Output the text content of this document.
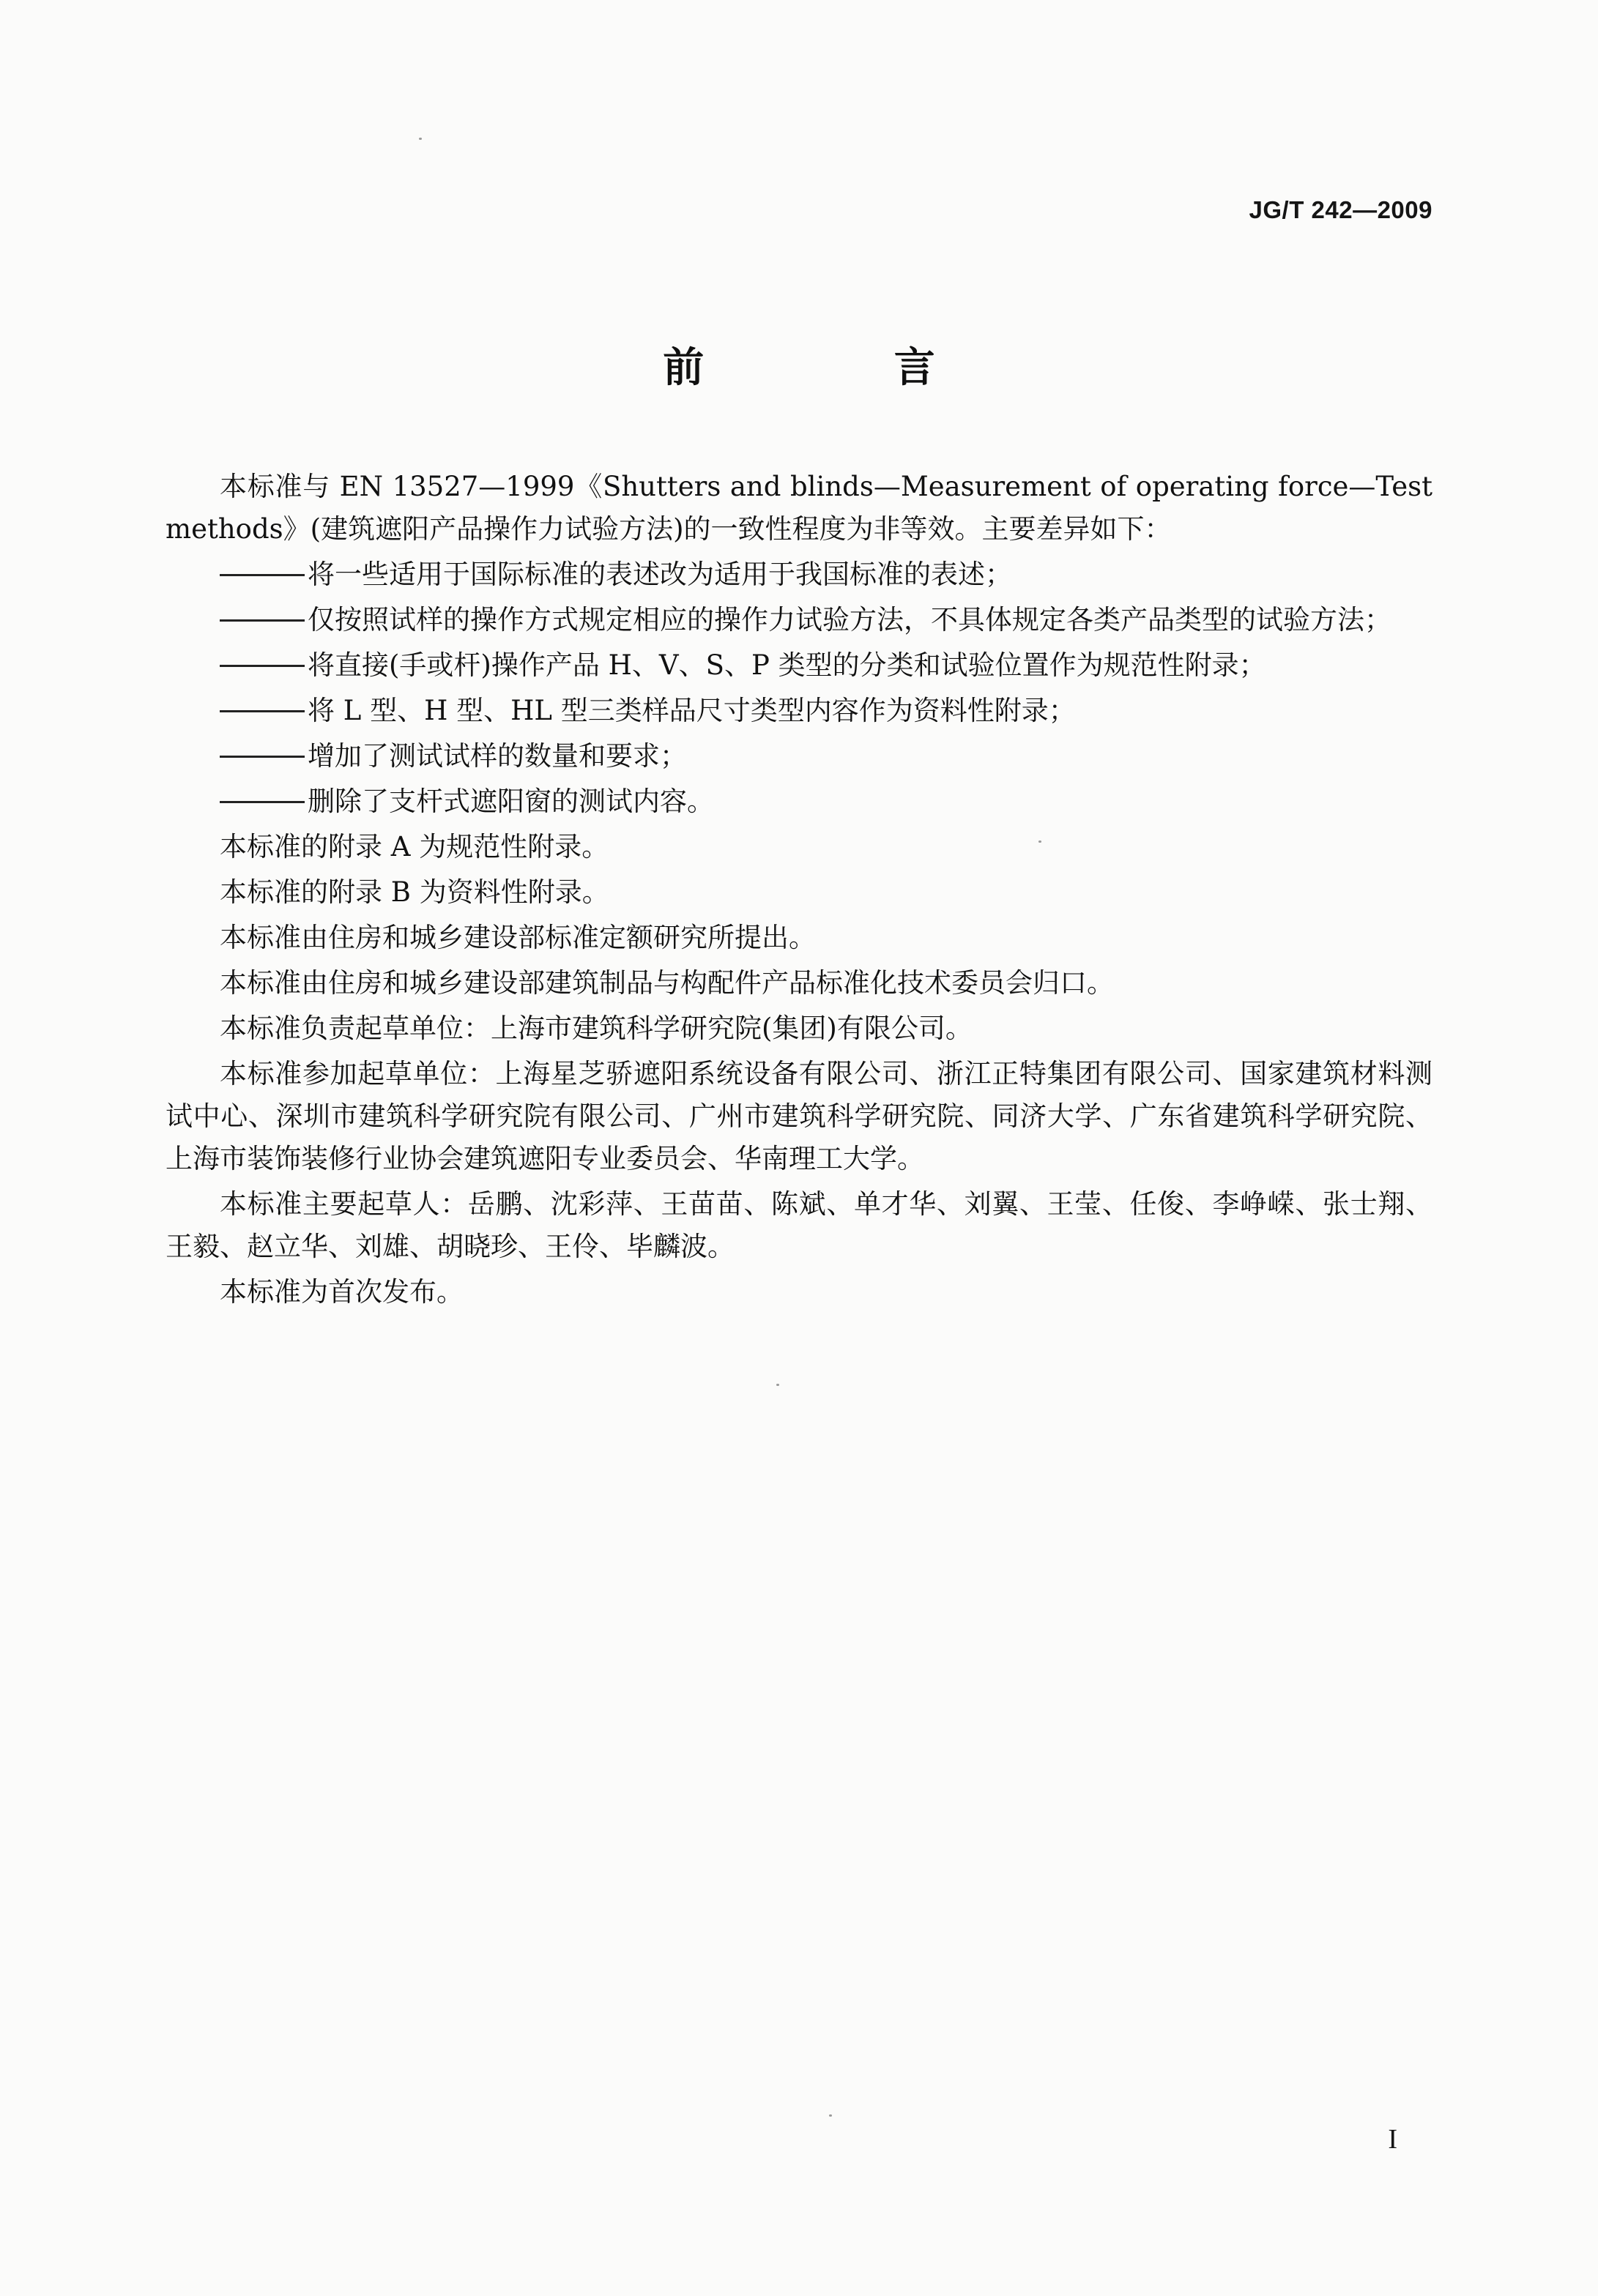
JG/T 242—2009
前 言

本标准与 EN 13527—1999《Shutters and blinds—Measurement of operating force—Test methods》(建筑遮阳产品操作力试验方法)的一致性程度为非等效。主要差异如下：

将一些适用于国际标准的表述改为适用于我国标准的表述；
仅按照试样的操作方式规定相应的操作力试验方法，不具体规定各类产品类型的试验方法；
将直接(手或杆)操作产品 H、V、S、P 类型的分类和试验位置作为规范性附录；
将 L 型、H 型、HL 型三类样品尺寸类型内容作为资料性附录；
增加了测试试样的数量和要求；
删除了支杆式遮阳窗的测试内容。

本标准的附录 A 为规范性附录。

本标准的附录 B 为资料性附录。

本标准由住房和城乡建设部标准定额研究所提出。

本标准由住房和城乡建设部建筑制品与构配件产品标准化技术委员会归口。

本标准负责起草单位：上海市建筑科学研究院(集团)有限公司。

本标准参加起草单位：上海星芝骄遮阳系统设备有限公司、浙江正特集团有限公司、国家建筑材料测试中心、深圳市建筑科学研究院有限公司、广州市建筑科学研究院、同济大学、广东省建筑科学研究院、上海市装饰装修行业协会建筑遮阳专业委员会、华南理工大学。

本标准主要起草人：岳鹏、沈彩萍、王苗苗、陈斌、单才华、刘翼、王莹、任俊、李峥嵘、张士翔、王毅、赵立华、刘雄、胡晓珍、王伶、毕麟波。

本标准为首次发布。

I
